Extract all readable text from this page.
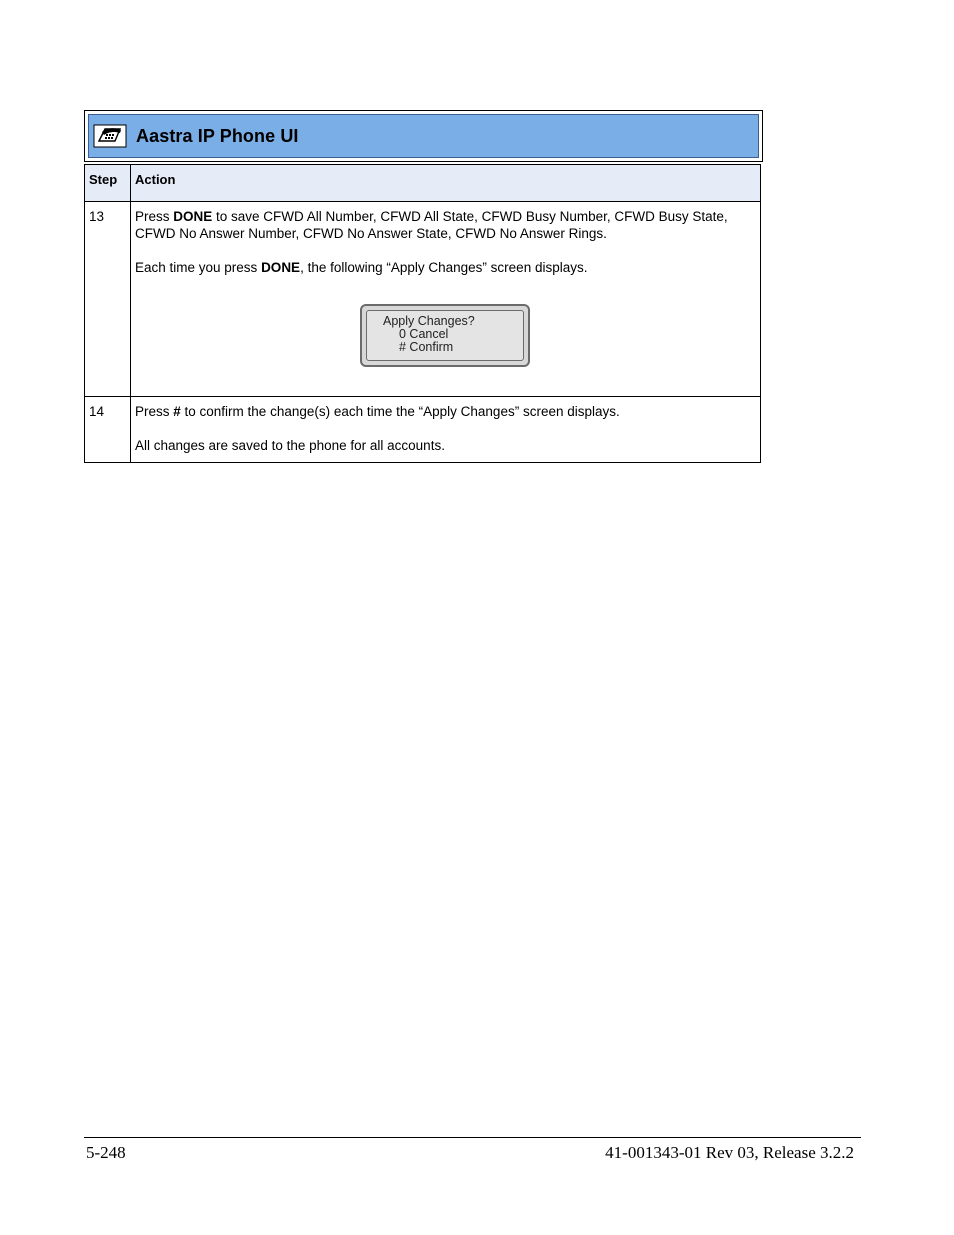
Aastra IP Phone UI
Step	Action
13	Press DONE to save CFWD All Number, CFWD All State, CFWD Busy Number, CFWD Busy State, CFWD No Answer Number, CFWD No Answer State, CFWD No Answer Rings.

Each time you press DONE, the following “Apply Changes” screen displays.

Apply Changes?
0 Cancel
# Confirm

14	Press # to confirm the change(s) each time the “Apply Changes” screen displays.

All changes are saved to the phone for all accounts.

5-248	41-001343-01 Rev 03, Release 3.2.2
